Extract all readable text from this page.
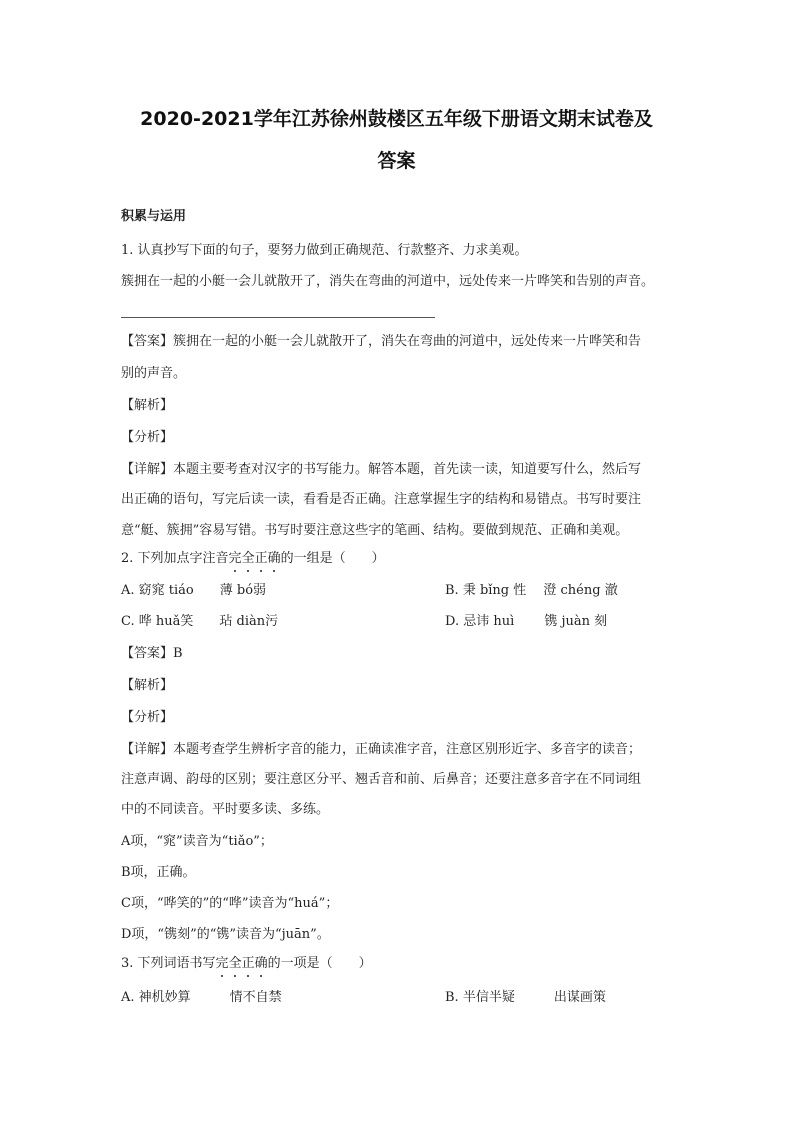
2020-2021学年江苏徐州鼓楼区五年级下册语文期末试卷及
答案
积累与运用
1. 认真抄写下面的句子，要努力做到正确规范、行款整齐、力求美观。
簇拥在一起的小艇一会儿就散开了，消失在弯曲的河道中，远处传来一片哗笑和告别的声音。
【答案】簇拥在一起的小艇一会儿就散开了，消失在弯曲的河道中，远处传来一片哗笑和告
别的声音。
【解析】
【分析】
【详解】本题主要考查对汉字的书写能力。解答本题，首先读一读，知道要写什么，然后写
出正确的语句，写完后读一读，看看是否正确。注意掌握生字的结构和易错点。书写时要注
意“艇、簇拥”容易写错。书写时要注意这些字的笔画、结构。要做到规范、正确和美观。
2. 下列加点字注音完全正确的一组是（　　）
A. 窈窕 tiáo　　薄 bó弱	B. 秉 bǐng 性　 澄 chéng 澈
C. 哗 huǎ笑　　玷 diàn污	D. 忌讳 huì　　 镌 juàn 刻
【答案】B
【解析】
【分析】
【详解】本题考查学生辨析字音的能力，正确读准字音，注意区别形近字、多音字的读音；
注意声调、韵母的区别；要注意区分平、翘舌音和前、后鼻音；还要注意多音字在不同词组
中的不同读音。平时要多读、多练。
A项，“窕”读音为“tiǎo”；
B项，正确。
C项，“哗笑的”的“哗”读音为“huá”；
D项，“镌刻”的“镌”读音为“juān”。
3. 下列词语书写完全正确的一项是（　　）
A. 神机妙算　　　情不自禁	B. 半信半疑　　　出谋画策
